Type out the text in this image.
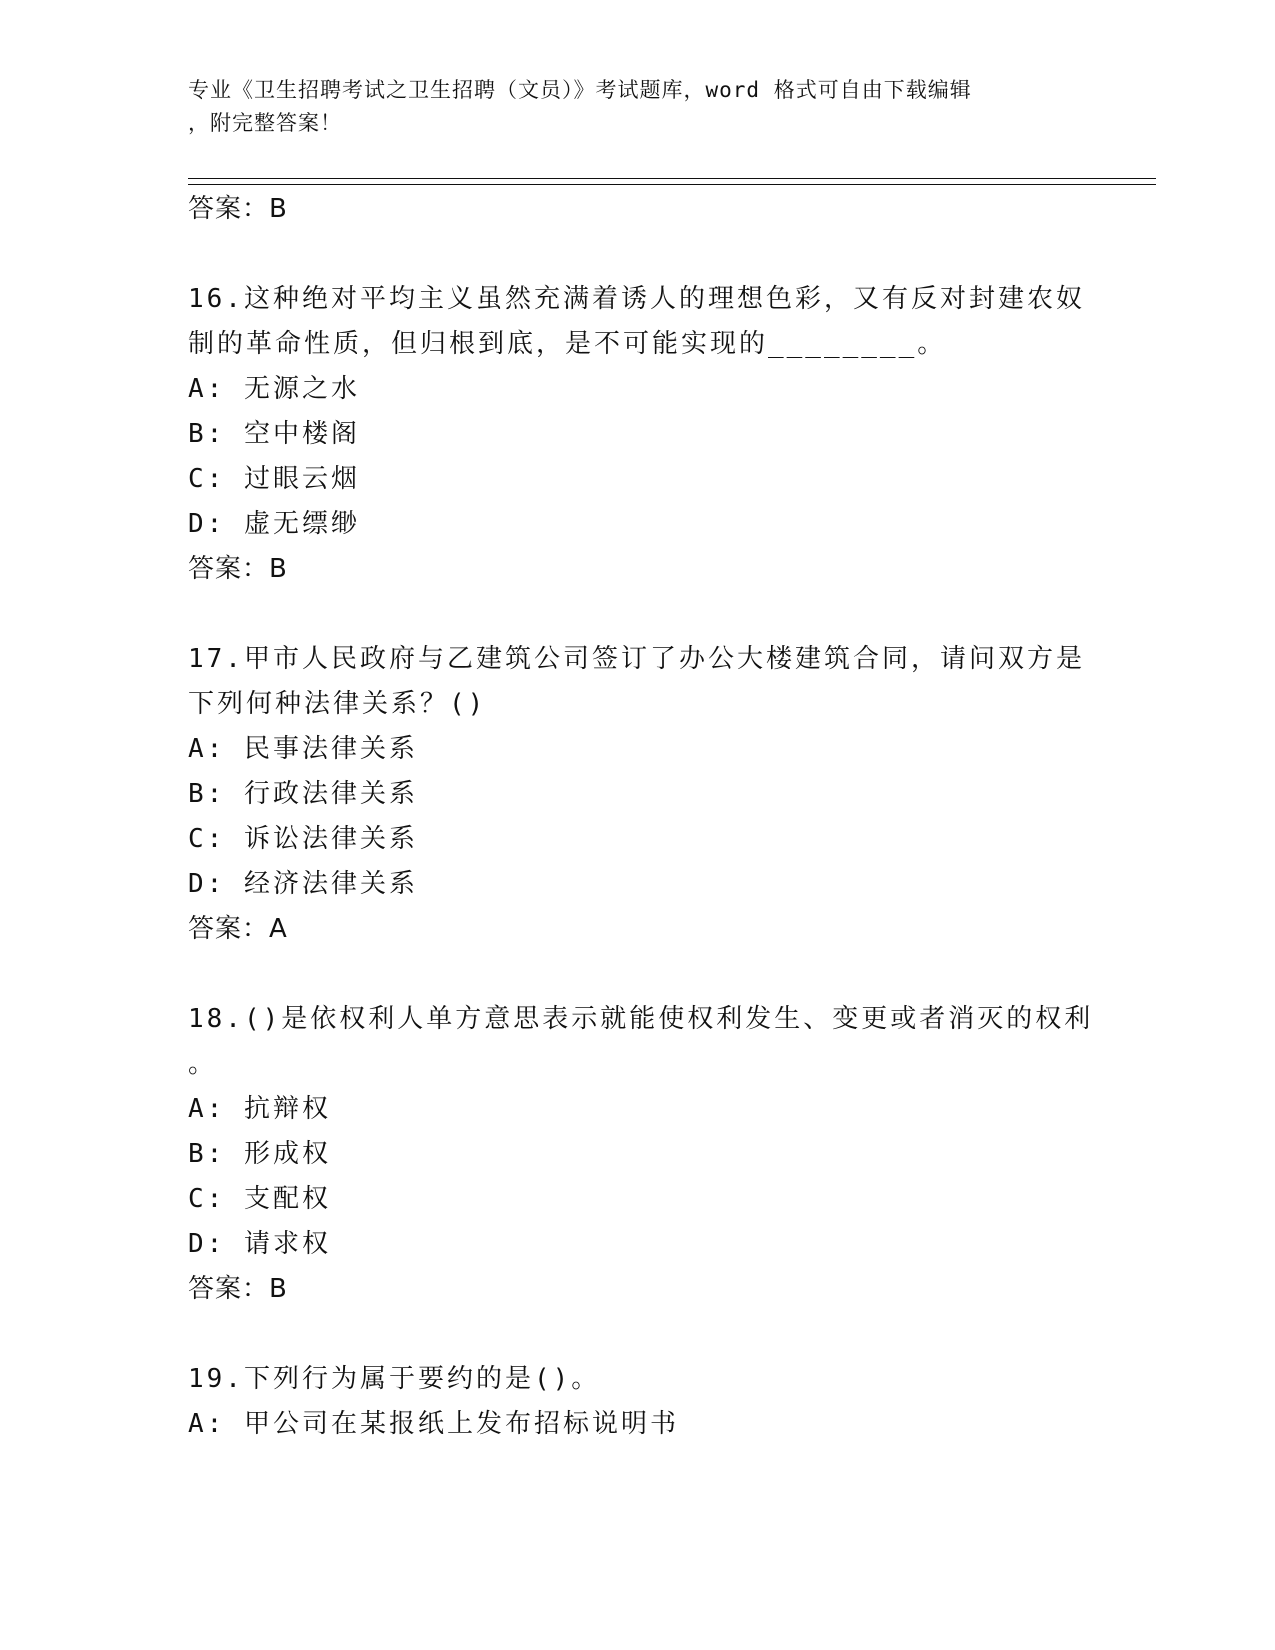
专业《卫生招聘考试之卫生招聘（文员）》考试题库，word 格式可自由下载编辑
，附完整答案！
答案：B
16.这种绝对平均主义虽然充满着诱人的理想色彩，又有反对封建农奴
制的革命性质，但归根到底，是不可能实现的________。
A: 无源之水
B: 空中楼阁
C: 过眼云烟
D: 虚无缥缈
答案：B
17.甲市人民政府与乙建筑公司签订了办公大楼建筑合同，请问双方是
下列何种法律关系？()
A: 民事法律关系
B: 行政法律关系
C: 诉讼法律关系
D: 经济法律关系
答案：A
18.()是依权利人单方意思表示就能使权利发生、变更或者消灭的权利
。
A: 抗辩权
B: 形成权
C: 支配权
D: 请求权
答案：B
19.下列行为属于要约的是()。
A: 甲公司在某报纸上发布招标说明书
